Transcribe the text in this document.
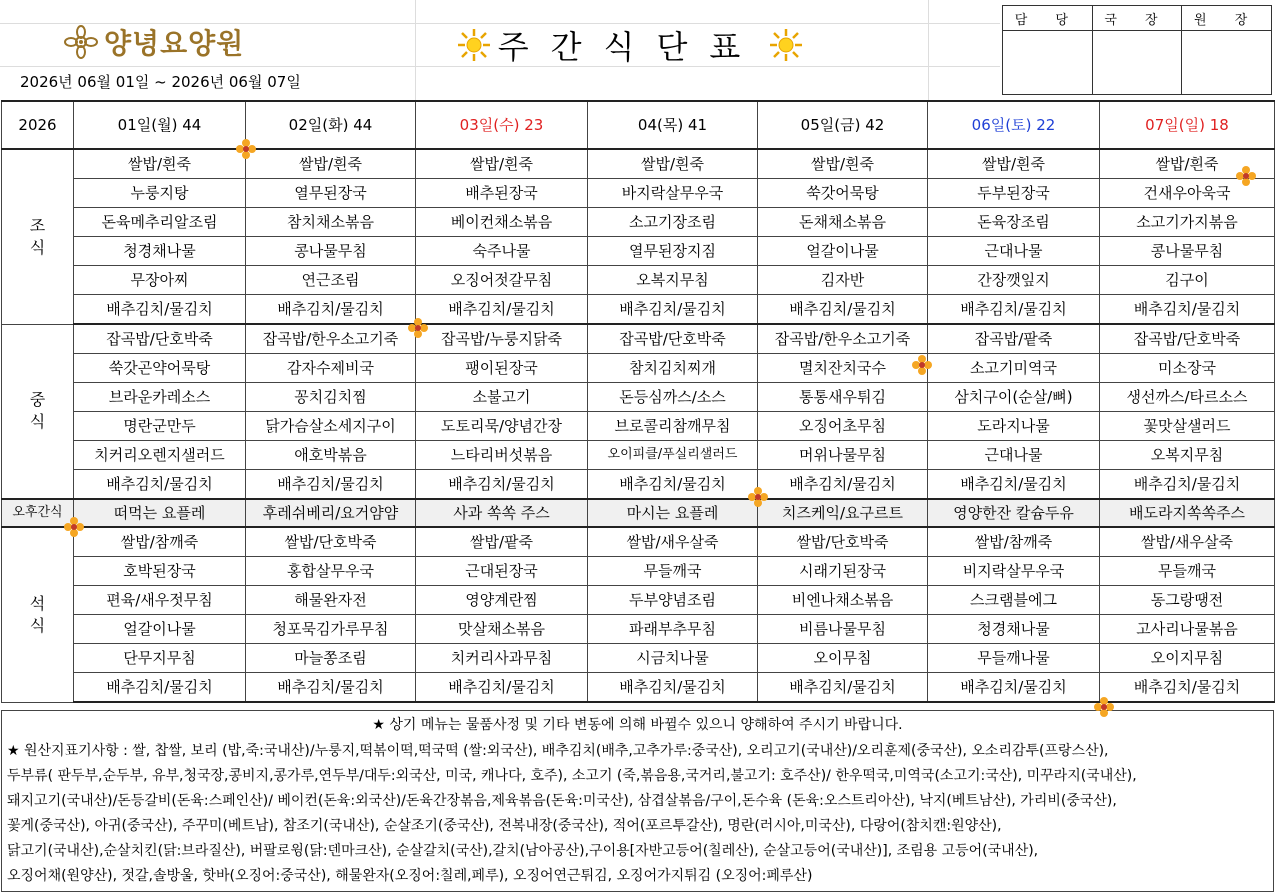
양녕요양원	주간식단표
2026년 06월 01일 ~ 2026년 06월 07일
담 당	국 장	원 장

2026	01일(월) 44	02일(화) 44	03일(수) 23	04(목) 41	05일(금) 42	06일(토) 22	07일(일) 18
조식	쌀밥/흰죽	쌀밥/흰죽	쌀밥/흰죽	쌀밥/흰죽	쌀밥/흰죽	쌀밥/흰죽	쌀밥/흰죽
	누룽지탕	열무된장국	배추된장국	바지락살무우국	쑥갓어묵탕	두부된장국	건새우아욱국
	돈육메추리알조림	참치채소볶음	베이컨채소볶음	소고기장조림	돈채채소볶음	돈육장조림	소고기가지볶음
	청경채나물	콩나물무침	숙주나물	열무된장지짐	얼갈이나물	근대나물	콩나물무침
	무장아찌	연근조림	오징어젓갈무침	오복지무침	김자반	간장깻잎지	김구이
	배추김치/물김치	배추김치/물김치	배추김치/물김치	배추김치/물김치	배추김치/물김치	배추김치/물김치	배추김치/물김치
중식	잡곡밥/단호박죽	잡곡밥/한우소고기죽	잡곡밥/누룽지닭죽	잡곡밥/단호박죽	잡곡밥/한우소고기죽	잡곡밥/팥죽	잡곡밥/단호박죽
	쑥갓곤약어묵탕	감자수제비국	팽이된장국	참치김치찌개	멸치잔치국수	소고기미역국	미소장국
	브라운카레소스	꽁치김치찜	소불고기	돈등심까스/소스	통통새우튀김	삼치구이(순살/뼈)	생선까스/타르소스
	명란군만두	닭가슴살소세지구이	도토리묵/양념간장	브로콜리참깨무침	오징어초무침	도라지나물	꽃맛살샐러드
	치커리오렌지샐러드	애호박볶음	느타리버섯볶음	오이피클/푸실리샐러드	머위나물무침	근대나물	오복지무침
	배추김치/물김치	배추김치/물김치	배추김치/물김치	배추김치/물김치	배추김치/물김치	배추김치/물김치	배추김치/물김치
오후간식	떠먹는 요플레	후레쉬베리/요거얌얌	사과 쏙쏙 주스	마시는 요플레	치즈케익/요구르트	영양한잔 칼슘두유	배도라지쏙쏙주스
석식	쌀밥/참깨죽	쌀밥/단호박죽	쌀밥/팥죽	쌀밥/새우살죽	쌀밥/단호박죽	쌀밥/참깨죽	쌀밥/새우살죽
	호박된장국	홍합살무우국	근대된장국	무들깨국	시래기된장국	비지락살무우국	무들깨국
	편육/새우젓무침	해물완자전	영양계란찜	두부양념조림	비엔나채소볶음	스크램블에그	동그랑땡전
	얼갈이나물	청포묵김가루무침	맛살채소볶음	파래부추무침	비름나물무침	청경채나물	고사리나물볶음
	단무지무침	마늘쫑조림	치커리사과무침	시금치나물	오이무침	무들깨나물	오이지무침
	배추김치/물김치	배추김치/물김치	배추김치/물김치	배추김치/물김치	배추김치/물김치	배추김치/물김치	배추김치/물김치
★ 상기 메뉴는 물품사정 및 기타 변동에 의해 바뀔수 있으니 양해하여 주시기 바랍니다.
★ 원산지표기사항 : 쌀, 찹쌀, 보리 (밥,죽:국내산)/누룽지,떡볶이떡,떡국떡 (쌀:외국산), 배추김치(배추,고추가루:중국산), 오리고기(국내산)/오리훈제(중국산), 오소리감투(프랑스산),
두부류( 판두부,순두부, 유부,청국장,콩비지,콩가루,연두부/대두:외국산, 미국, 캐나다, 호주), 소고기 (죽,볶음용,국거리,불고기: 호주산)/ 한우떡국,미역국(소고기:국산), 미꾸라지(국내산),
돼지고기(국내산)/돈등갈비(돈육:스페인산)/ 베이컨(돈육:외국산)/돈육간장볶음,제육볶음(돈육:미국산), 삼겹살볶음/구이,돈수육 (돈육:오스트리아산), 낙지(베트남산), 가리비(중국산),
꽃게(중국산), 아귀(중국산), 주꾸미(베트남), 참조기(국내산), 순살조기(중국산), 전복내장(중국산), 적어(포르투갈산), 명란(러시아,미국산), 다랑어(참치캔:원양산),
닭고기(국내산),순살치킨(닭:브라질산), 버팔로윙(닭:덴마크산), 순살갈치(국산),갈치(남아공산),구이용[자반고등어(칠레산), 순살고등어(국내산)], 조림용 고등어(국내산),
오징어채(원양산), 젓갈,솔방울, 핫바(오징어:중국산), 해물완자(오징어:칠레,페루), 오징어연근튀김, 오징어가지튀김 (오징어:페루산)
